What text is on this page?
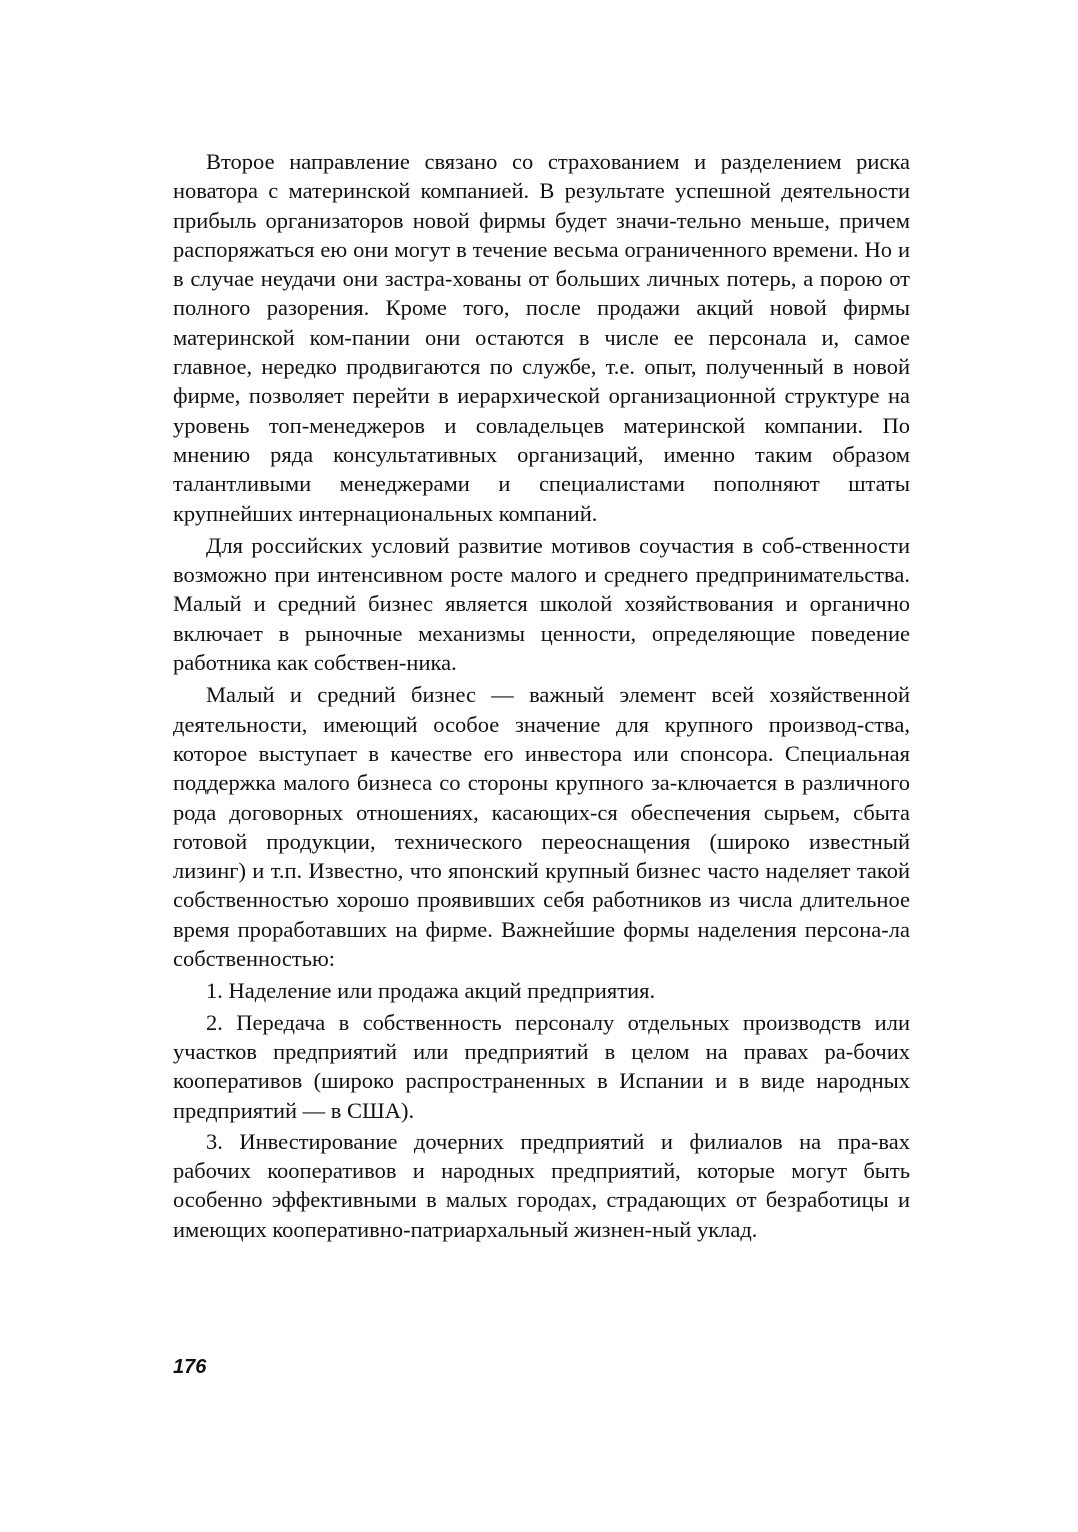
Второе направление связано со страхованием и разделением риска новатора с материнской компанией. В результате успешной деятельности прибыль организаторов новой фирмы будет значи-тельно меньше, причем распоряжаться ею они могут в течение весьма ограниченного времени. Но и в случае неудачи они застра-хованы от больших личных потерь, а порою от полного разорения. Кроме того, после продажи акций новой фирмы материнской ком-пании они остаются в числе ее персонала и, самое главное, нередко продвигаются по службе, т.е. опыт, полученный в новой фирме, позволяет перейти в иерархической организационной структуре на уровень топ-менеджеров и совладельцев материнской компании. По мнению ряда консультативных организаций, именно таким образом талантливыми менеджерами и специалистами пополняют штаты крупнейших интернациональных компаний.

Для российских условий развитие мотивов соучастия в соб-ственности возможно при интенсивном росте малого и среднего предпринимательства. Малый и средний бизнес является школой хозяйствования и органично включает в рыночные механизмы ценности, определяющие поведение работника как собствен-ника.

Малый и средний бизнес — важный элемент всей хозяйственной деятельности, имеющий особое значение для крупного производ-ства, которое выступает в качестве его инвестора или спонсора. Специальная поддержка малого бизнеса со стороны крупного за-ключается в различного рода договорных отношениях, касающих-ся обеспечения сырьем, сбыта готовой продукции, технического переоснащения (широко известный лизинг) и т.п. Известно, что японский крупный бизнес часто наделяет такой собственностью хорошо проявивших себя работников из числа длительное время проработавших на фирме. Важнейшие формы наделения персона-ла собственностью:

1. Наделение или продажа акций предприятия.

2. Передача в собственность персоналу отдельных производств или участков предприятий или предприятий в целом на правах ра-бочих кооперативов (широко распространенных в Испании и в виде народных предприятий — в США).

3. Инвестирование дочерних предприятий и филиалов на пра-вах рабочих кооперативов и народных предприятий, которые могут быть особенно эффективными в малых городах, страдающих от безработицы и имеющих кооперативно-патриархальный жизнен-ный уклад.

176
